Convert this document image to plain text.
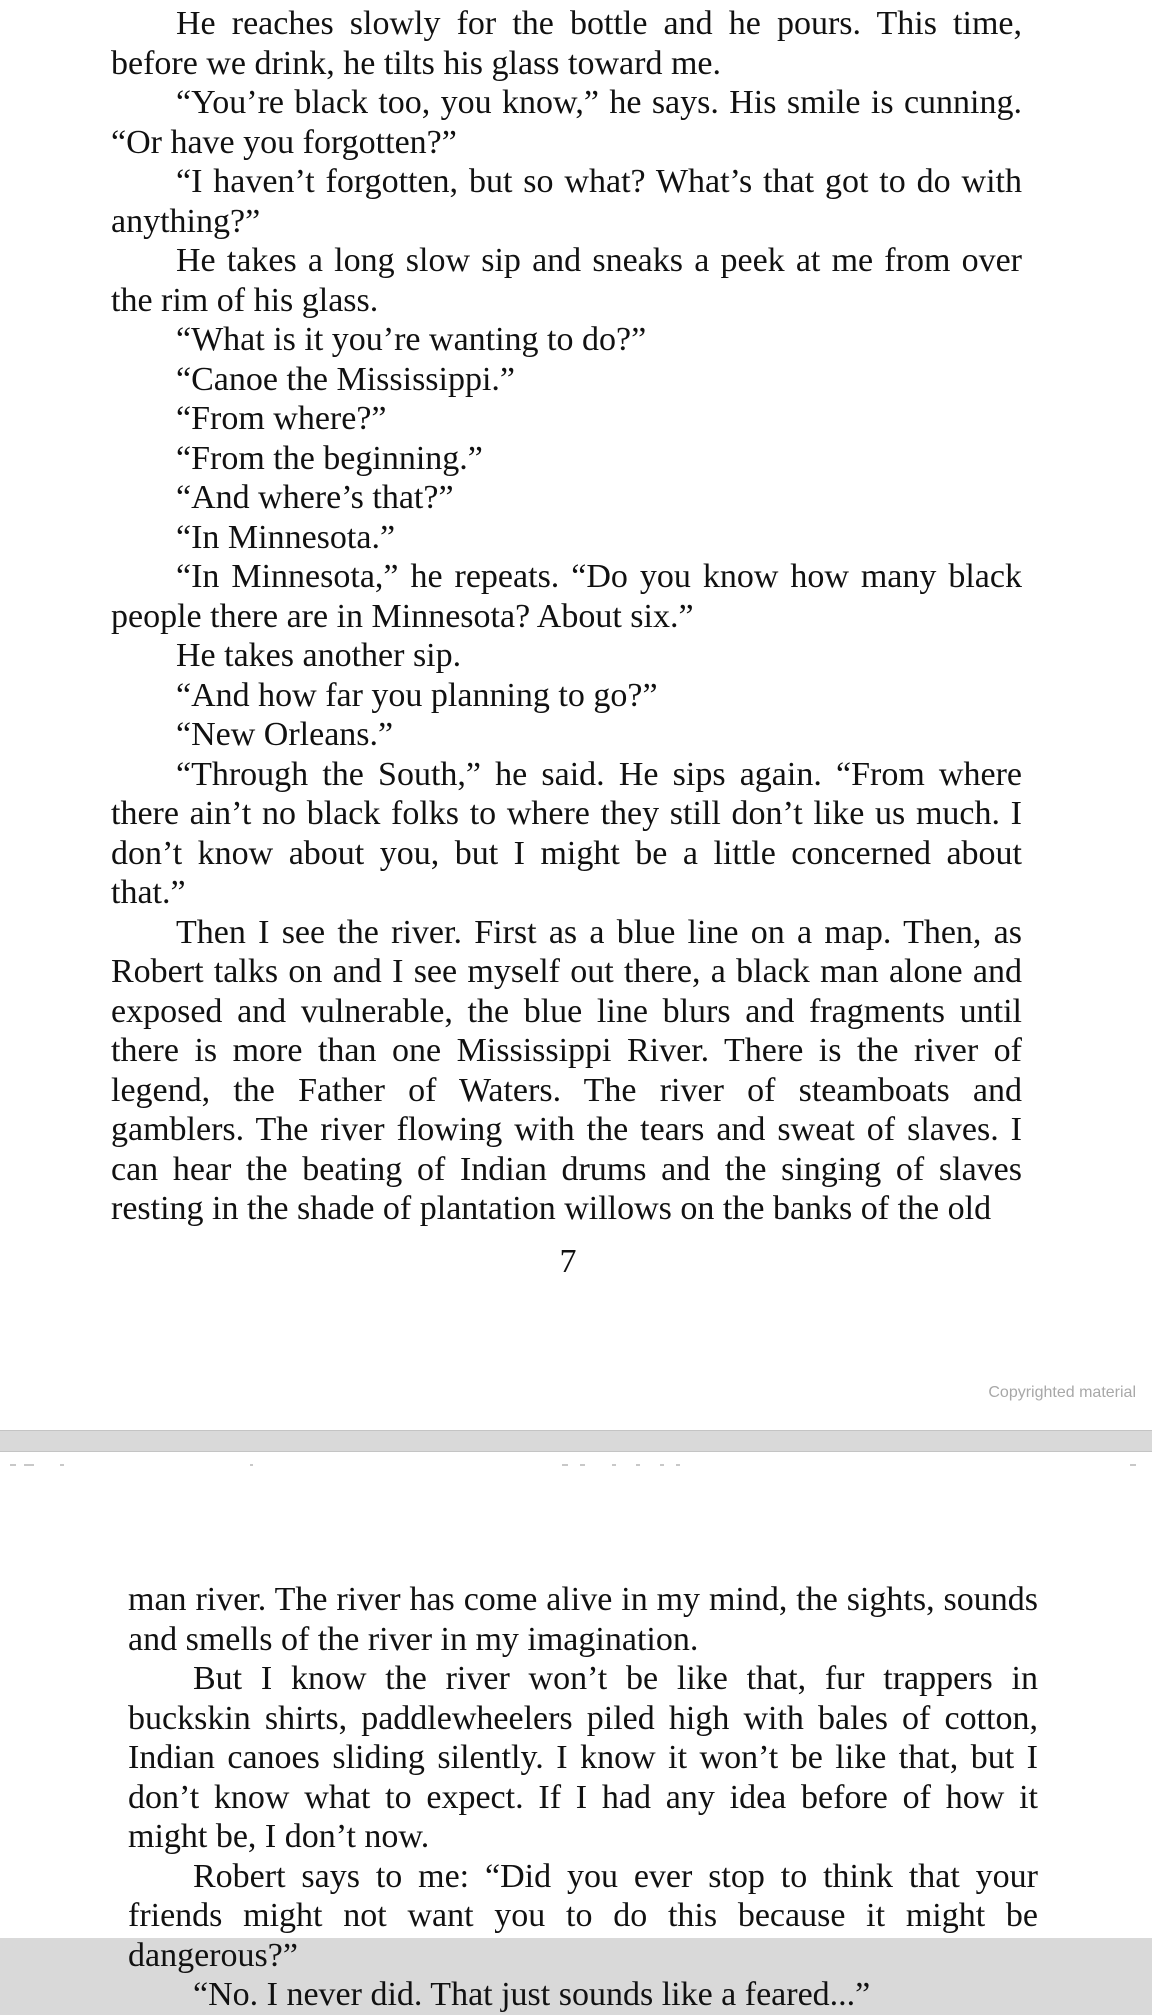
He reaches slowly for the bottle and he pours. This time, before we drink, he tilts his glass toward me.

“You’re black too, you know,” he says. His smile is cunning. “Or have you forgotten?”

“I haven’t forgotten, but so what? What’s that got to do with anything?”

He takes a long slow sip and sneaks a peek at me from over the rim of his glass.

“What is it you’re wanting to do?”

“Canoe the Mississippi.”

“From where?”

“From the beginning.”

“And where’s that?”

“In Minnesota.”

“In Minnesota,” he repeats. “Do you know how many black people there are in Minnesota? About six.”

He takes another sip.

“And how far you planning to go?”

“New Orleans.”

“Through the South,” he said. He sips again. “From where there ain’t no black folks to where they still don’t like us much. I don’t know about you, but I might be a little concerned about that.”

Then I see the river. First as a blue line on a map. Then, as Robert talks on and I see myself out there, a black man alone and exposed and vulnerable, the blue line blurs and fragments until there is more than one Mississippi River. There is the river of legend, the Father of Waters. The river of steamboats and gamblers. The river flowing with the tears and sweat of slaves. I can hear the beating of Indian drums and the singing of slaves resting in the shade of plantation willows on the banks of the old

7
Copyrighted material

man river. The river has come alive in my mind, the sights, sounds and smells of the river in my imagination.

But I know the river won’t be like that, fur trappers in buckskin shirts, paddlewheelers piled high with bales of cotton, Indian canoes sliding silently. I know it won’t be like that, but I don’t know what to expect. If I had any idea before of how it might be, I don’t now.

Robert says to me: “Did you ever stop to think that your friends might not want you to do this because it might be dangerous?”

“No. I never did. That just sounds like a feared...”
